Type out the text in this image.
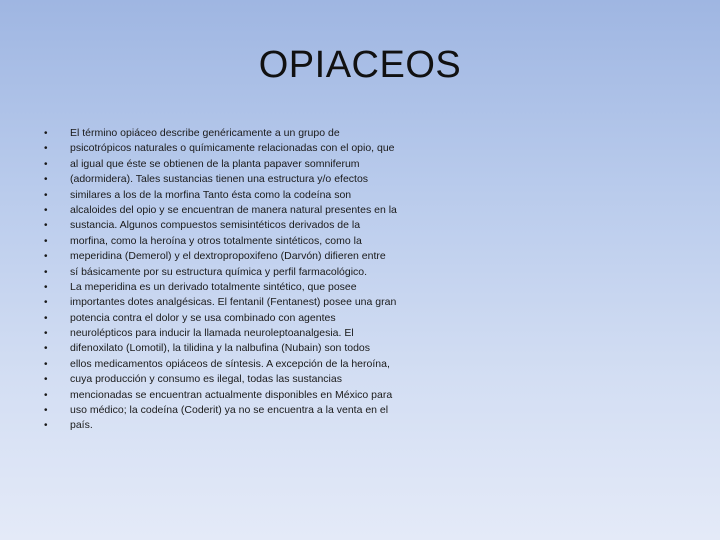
OPIACEOS
• El término opiáceo describe genéricamente a un grupo de
• psicotrópicos naturales o químicamente relacionadas con el opio, que
• al igual que éste se obtienen de la planta papaver somniferum
• (adormidera). Tales sustancias tienen una estructura y/o efectos
• similares a los de la morfina Tanto ésta como la codeína son
• alcaloides del opio y se encuentran de manera natural presentes en la
• sustancia. Algunos compuestos semisintéticos derivados de la
• morfina, como la heroína y otros totalmente sintéticos, como la
• meperidina (Demerol) y el dextropropoxifeno (Darvón) difieren entre
• sí básicamente por su estructura química y perfil farmacológico.
• La meperidina es un derivado totalmente sintético, que posee
• importantes dotes analgésicas. El fentanil (Fentanest) posee una gran
• potencia contra el dolor y se usa combinado con agentes
• neurolépticos para inducir la llamada neuroleptoanalgesia. El
• difenoxilato (Lomotil), la tilidina y la nalbufina (Nubain) son todos
• ellos medicamentos opiáceos de síntesis. A excepción de la heroína,
• cuya producción y consumo es ilegal, todas las sustancias
• mencionadas se encuentran actualmente disponibles en México para
• uso médico; la codeína (Coderit) ya no se encuentra a la venta en el
• país.
